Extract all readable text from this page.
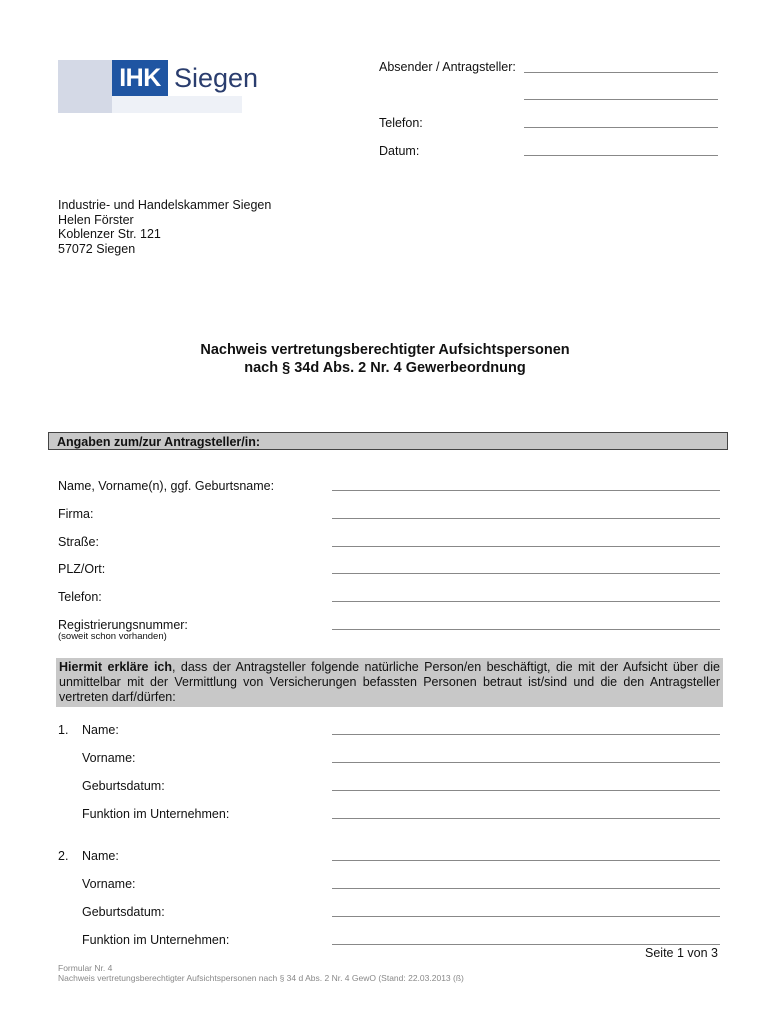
IHK Siegen	Absender / Antragsteller:
Telefon:
Datum:
Industrie- und Handelskammer Siegen
Helen Förster
Koblenzer Str. 121
57072 Siegen
Nachweis vertretungsberechtigter Aufsichtspersonen
nach § 34d Abs. 2 Nr. 4 Gewerbeordnung
Angaben zum/zur Antragsteller/in:
Name, Vorname(n), ggf. Geburtsname:
Firma:
Straße:
PLZ/Ort:
Telefon:
Registrierungsnummer:
(soweit schon vorhanden)
Hiermit erkläre ich, dass der Antragsteller folgende natürliche Person/en beschäftigt, die mit der Aufsicht über die unmittelbar mit der Vermittlung von Versicherungen befassten Personen betraut ist/sind und die den Antragsteller vertreten darf/dürfen:
1. Name:
Vorname:
Geburtsdatum:
Funktion im Unternehmen:
2. Name:
Vorname:
Geburtsdatum:
Funktion im Unternehmen:
Seite 1 von 3
Formular Nr. 4
Nachweis vertretungsberechtigter Aufsichtspersonen nach § 34 d Abs. 2 Nr. 4 GewO (Stand: 22.03.2013 (ß)
